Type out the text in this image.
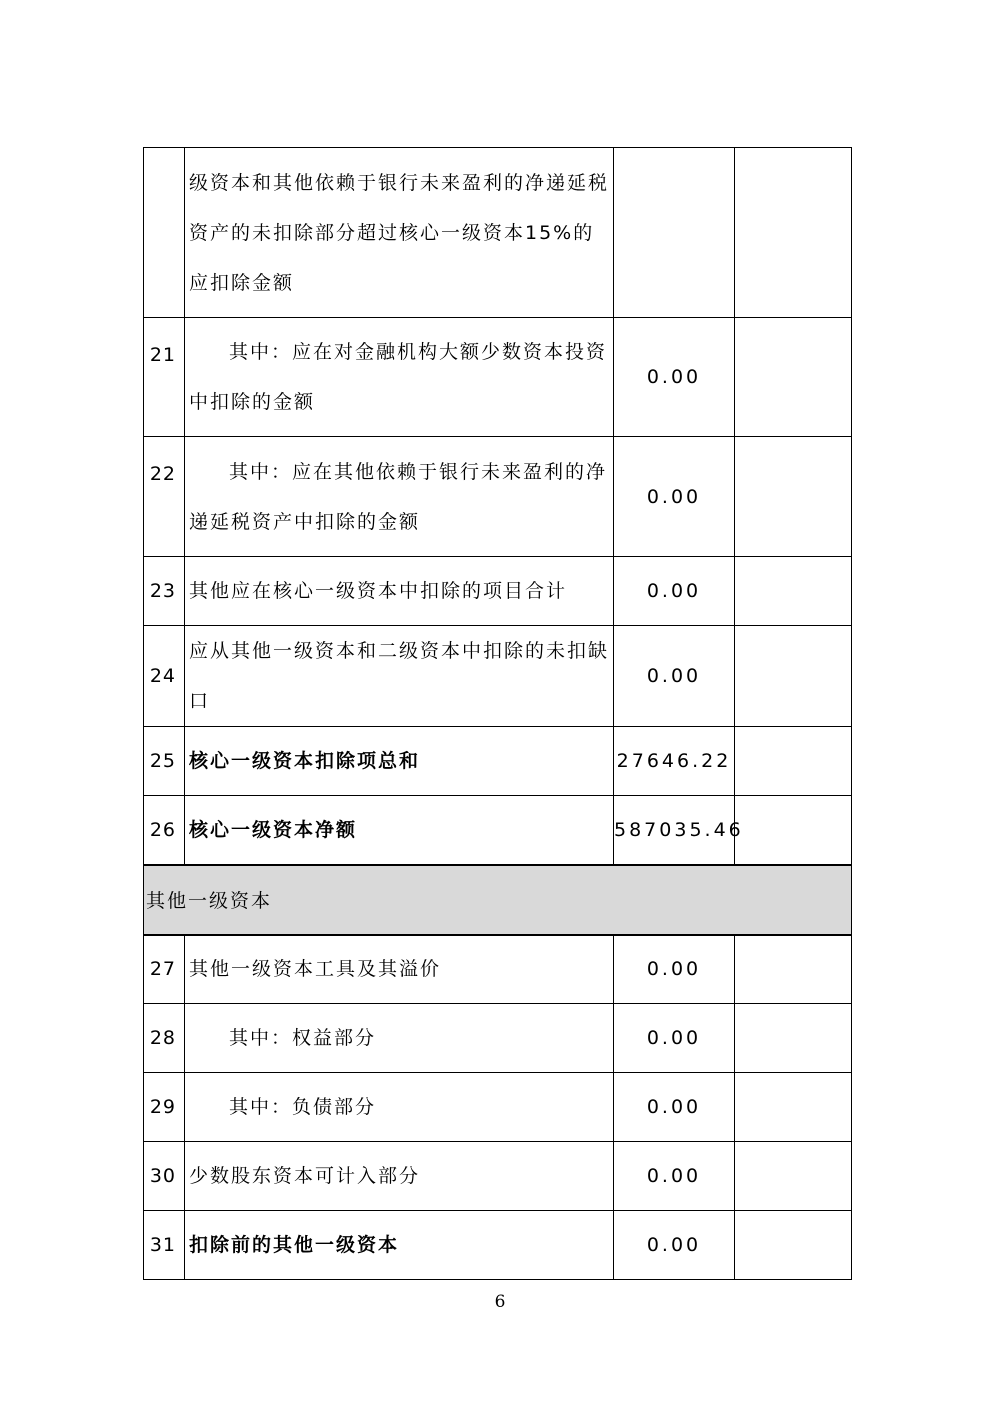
	级资本和其他依赖于银行未来盈利的净递延税资产的未扣除部分超过核心一级资本15%的应扣除金额		
21	其中：应在对金融机构大额少数资本投资中扣除的金额	0.00	
22	其中：应在其他依赖于银行未来盈利的净递延税资产中扣除的金额	0.00	
23	其他应在核心一级资本中扣除的项目合计	0.00	
24	应从其他一级资本和二级资本中扣除的未扣缺口	0.00	
25	核心一级资本扣除项总和	27646.22	
26	核心一级资本净额	587035.46	
其他一级资本			
27	其他一级资本工具及其溢价	0.00	
28	其中：权益部分	0.00	
29	其中：负债部分	0.00	
30	少数股东资本可计入部分	0.00	
31	扣除前的其他一级资本	0.00	
6
